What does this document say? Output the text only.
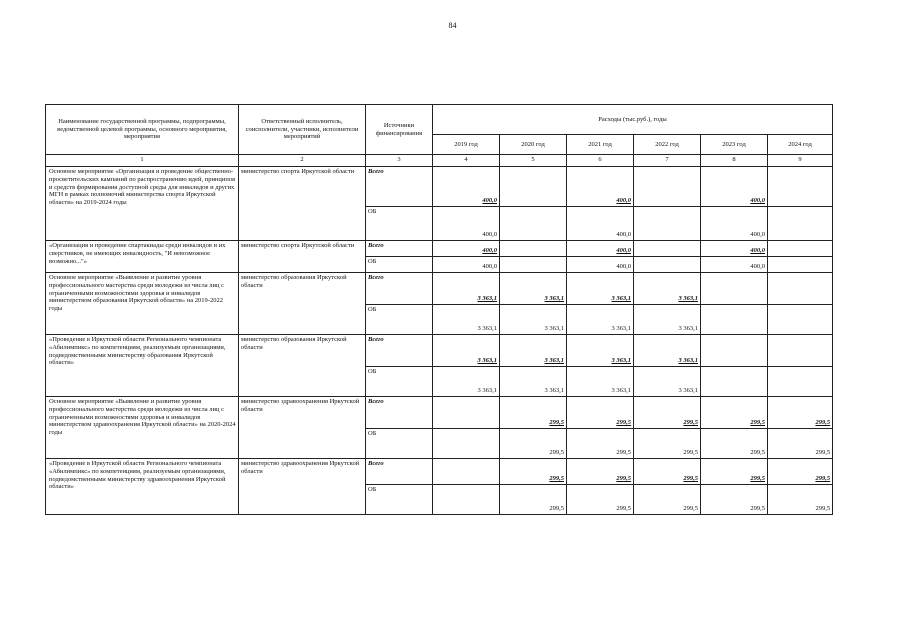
84
Наименование государственной программы, подпрограммы, ведомственной целевой программы, основного мероприятия, мероприятия	Ответственный исполнитель, соисполнители, участники, исполнители мероприятий	Источники финансирования	Расходы (тыс.руб.), годы					
			2019 год	2020 год	2021 год	2022 год	2023 год	2024 год
1	2	3	4	5	6	7	8	9
Основное мероприятие «Организация и проведение общественно-просветительских кампаний по распространению идей, принципов и средств формирования доступной среды для инвалидов и других МГН в рамках полномочий министерства спорта Иркутской области» на 2019-2024 годы	министерство спорта Иркутской области	Всего	400,0		400,0		400,0	
		ОБ	400,0		400,0		400,0	
«Организация и проведение спартакиады среди инвалидов и их сверстников, не имеющих инвалидность, "И невозможное возможно..."»	министерство спорта Иркутской области	Всего	400,0		400,0		400,0	
		ОБ	400,0		400,0		400,0	
Основное мероприятие «Выявление и развитие уровня профессионального мастерства среди молодежи из числа лиц с ограниченными возможностями здоровья и инвалидов министерством образования Иркутской области» на 2019-2022 годы	министерство образования Иркутской области	Всего	3 363,1	3 363,1	3 363,1	3 363,1		
		ОБ	3 363,1	3 363,1	3 363,1	3 363,1		
«Проведение в Иркутской области Регионального чемпионата «Абилимпикс» по компетенциям, реализуемым организациями, подведомственными министерству образования Иркутской области»	министерство образования Иркутской области	Всего	3 363,1	3 363,1	3 363,1	3 363,1		
		ОБ	3 363,1	3 363,1	3 363,1	3 363,1		
Основное мероприятие «Выявление и развитие уровня профессионального мастерства среди молодежи из числа лиц с ограниченными возможностями здоровья и инвалидов министерством здравоохранения Иркутской области» на 2020-2024 годы	министерство здравоохранения Иркутской области	Всего		299,5	299,5	299,5	299,5	299,5
		ОБ		299,5	299,5	299,5	299,5	299,5
«Проведение в Иркутской области Регионального чемпионата «Абилимпикс» по компетенциям, реализуемым организациями, подведомственными министерству здравоохранения Иркутской области»	министерство здравоохранения Иркутской области	Всего		299,5	299,5	299,5	299,5	299,5
		ОБ		299,5	299,5	299,5	299,5	299,5
